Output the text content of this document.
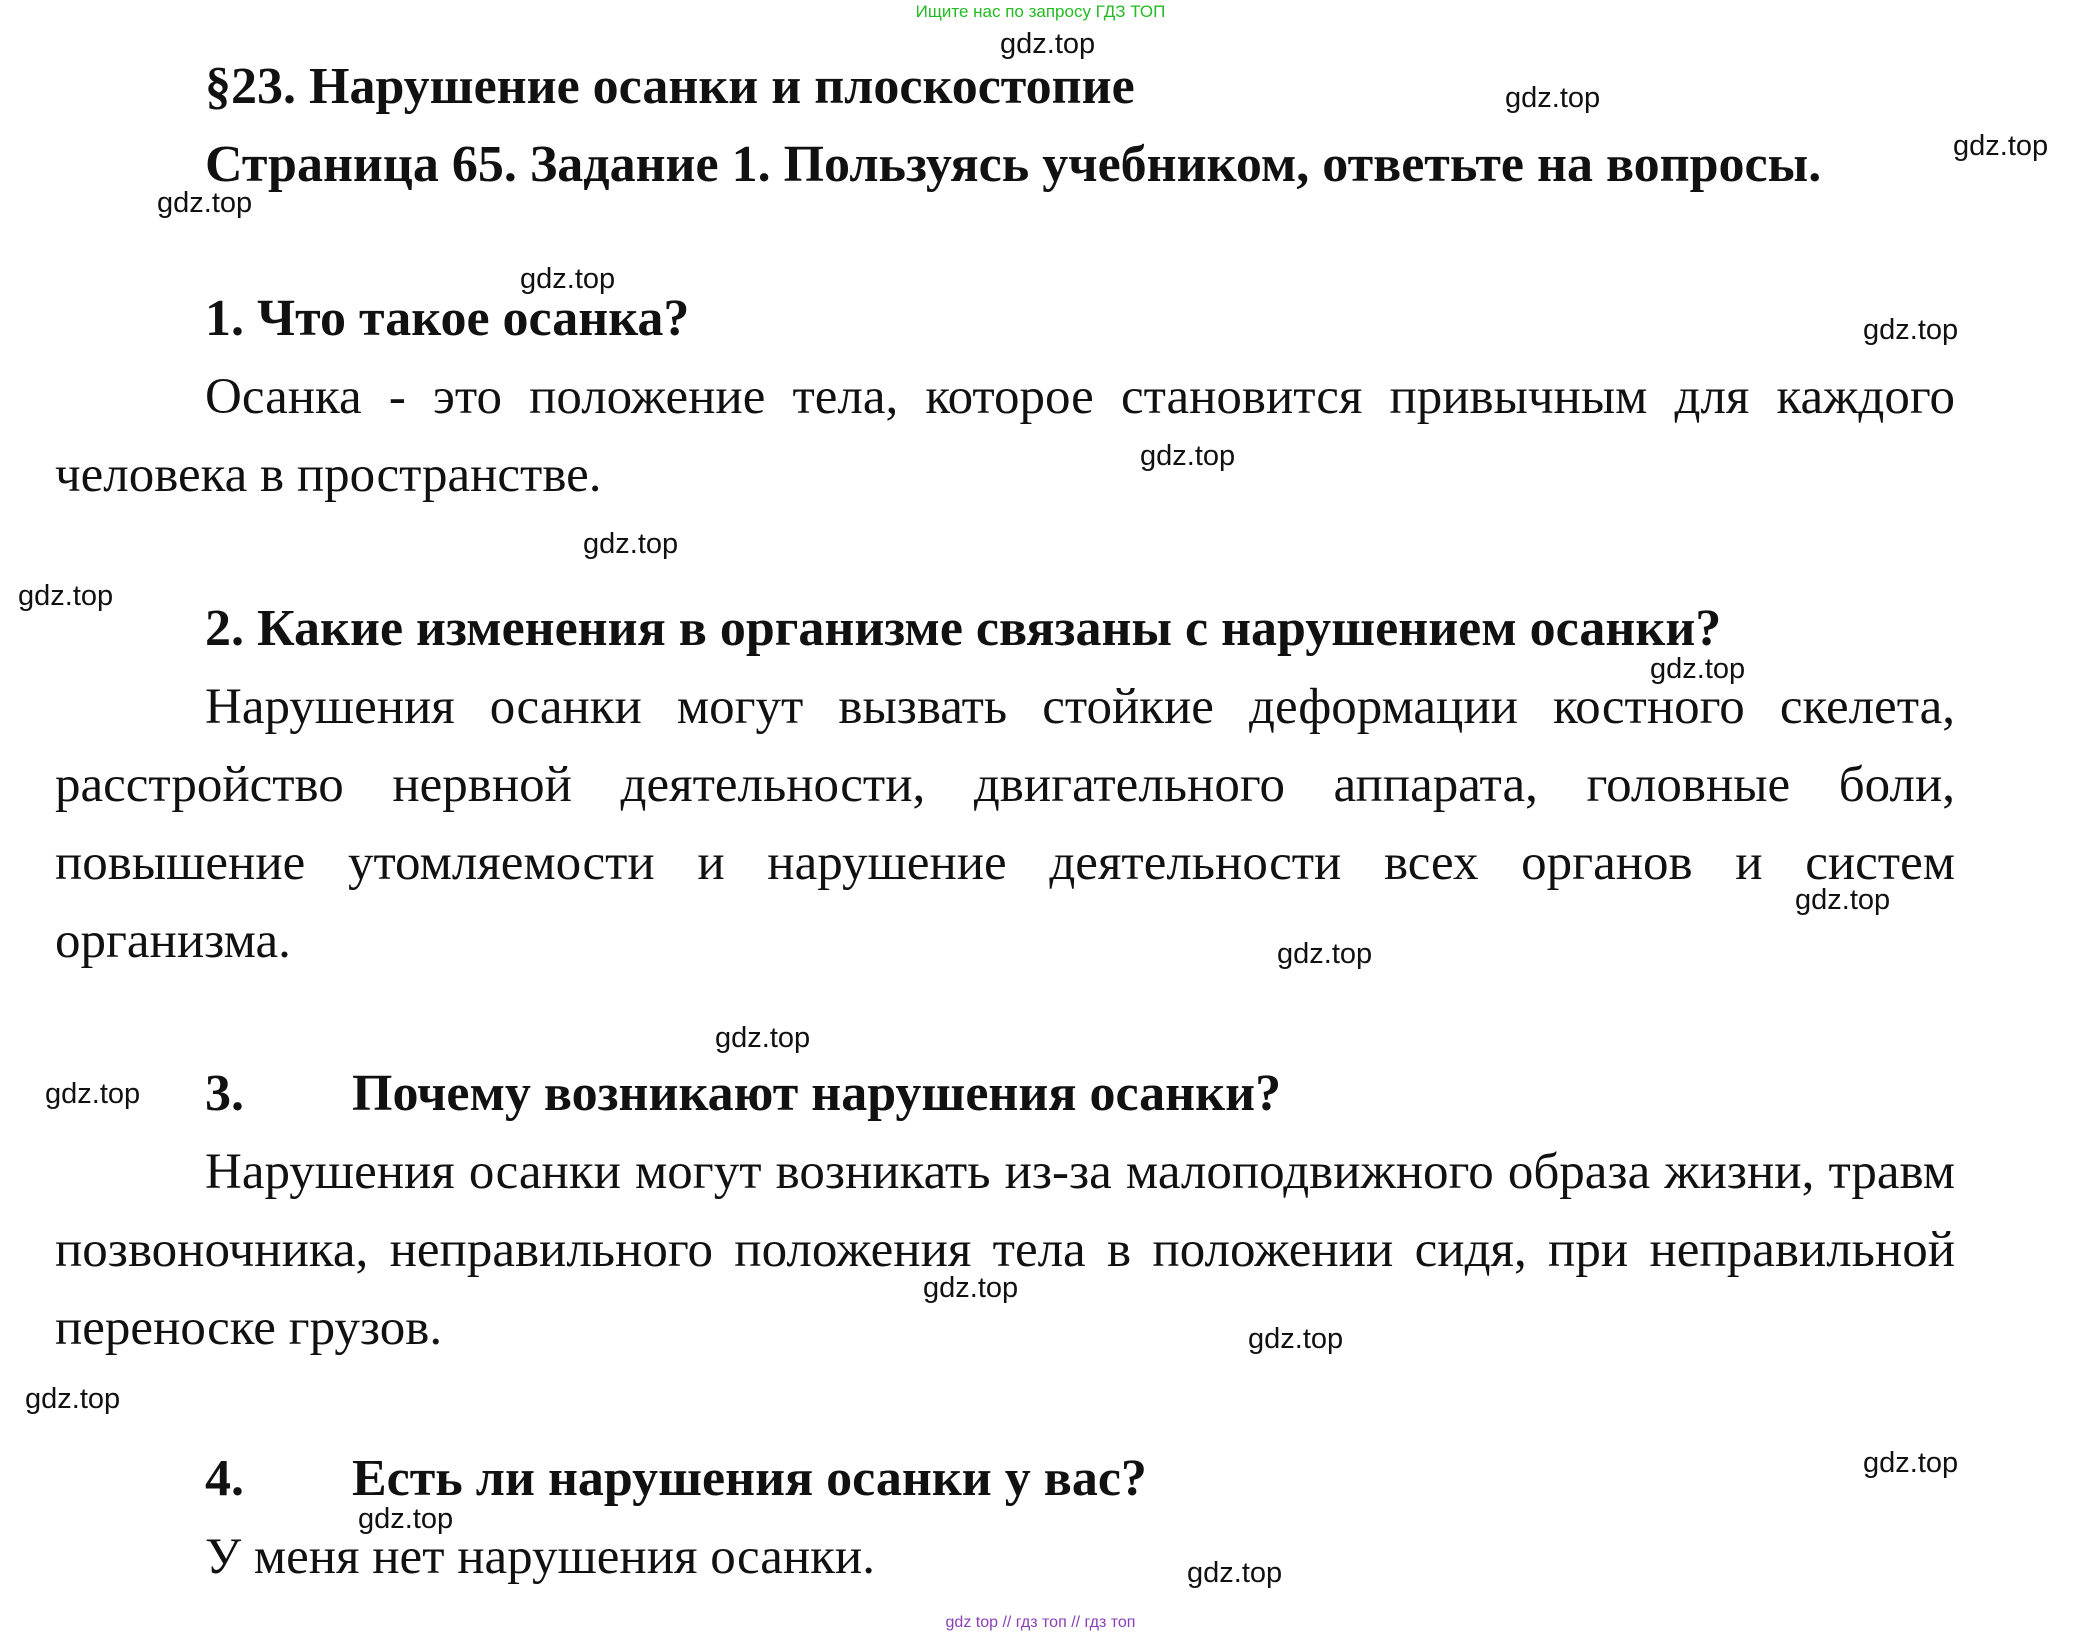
Ищите нас по запросу ГДЗ ТОП
§23. Нарушение осанки и плоскостопие
Страница 65. Задание 1. Пользуясь учебником, ответьте на вопросы.
1. Что такое осанка?
Осанка - это положение тела, которое становится привычным для каждого человека в пространстве.
2. Какие изменения в организме связаны с нарушением осанки?
Нарушения осанки могут вызвать стойкие деформации костного скелета, расстройство нервной деятельности, двигательного аппарата, головные боли, повышение утомляемости и нарушение деятельности всех органов и систем организма.
3. Почему возникают нарушения осанки?
Нарушения осанки могут возникать из-за малоподвижного образа жизни, травм позвоночника, неправильного положения тела в положении сидя, при неправильной переноске грузов.
4. Есть ли нарушения осанки у вас?
У меня нет нарушения осанки.
gdz.top
gdz.top
gdz.top
gdz.top
gdz.top
gdz.top
gdz.top
gdz.top
gdz.top
gdz.top
gdz.top
gdz.top
gdz.top
gdz.top
gdz.top
gdz.top
gdz.top
gdz.top
gdz.top
gdz.top
gdz top // гдз топ // гдз топ
